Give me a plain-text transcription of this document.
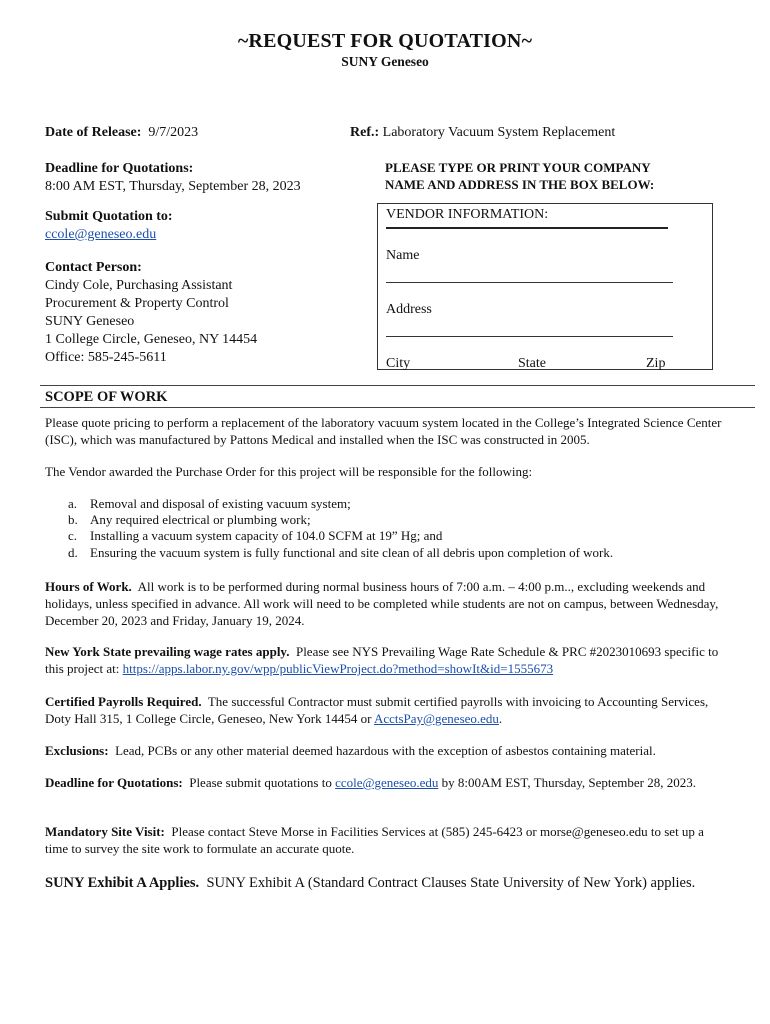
~REQUEST FOR QUOTATION~
SUNY Geneseo
Date of Release: 9/7/2023
Deadline for Quotations:
8:00 AM EST, Thursday, September 28, 2023
Submit Quotation to:
ccole@geneseo.edu
Contact Person:
Cindy Cole, Purchasing Assistant
Procurement & Property Control
SUNY Geneseo
1 College Circle, Geneseo, NY 14454
Office: 585-245-5611
Ref.: Laboratory Vacuum System Replacement
PLEASE TYPE OR PRINT YOUR COMPANY
NAME AND ADDRESS IN THE BOX BELOW:
VENDOR INFORMATION:
Name
Address
City	State	Zip
SCOPE OF WORK
Please quote pricing to perform a replacement of the laboratory vacuum system located in the College’s Integrated Science Center (ISC), which was manufactured by Pattons Medical and installed when the ISC was constructed in 2005.
The Vendor awarded the Purchase Order for this project will be responsible for the following:
a. Removal and disposal of existing vacuum system;
b. Any required electrical or plumbing work;
c. Installing a vacuum system capacity of 104.0 SCFM at 19” Hg; and
d. Ensuring the vacuum system is fully functional and site clean of all debris upon completion of work.
Hours of Work. All work is to be performed during normal business hours of 7:00 a.m. – 4:00 p.m.., excluding weekends and holidays, unless specified in advance. All work will need to be completed while students are not on campus, between Wednesday, December 20, 2023 and Friday, January 19, 2024.
New York State prevailing wage rates apply. Please see NYS Prevailing Wage Rate Schedule & PRC #2023010693 specific to this project at: https://apps.labor.ny.gov/wpp/publicViewProject.do?method=showIt&id=1555673
Certified Payrolls Required. The successful Contractor must submit certified payrolls with invoicing to Accounting Services, Doty Hall 315, 1 College Circle, Geneseo, New York 14454 or AcctsPay@geneseo.edu.
Exclusions: Lead, PCBs or any other material deemed hazardous with the exception of asbestos containing material.
Deadline for Quotations: Please submit quotations to ccole@geneseo.edu by 8:00AM EST, Thursday, September 28, 2023.
Mandatory Site Visit: Please contact Steve Morse in Facilities Services at (585) 245-6423 or morse@geneseo.edu to set up a time to survey the site work to formulate an accurate quote.
SUNY Exhibit A Applies. SUNY Exhibit A (Standard Contract Clauses State University of New York) applies.
